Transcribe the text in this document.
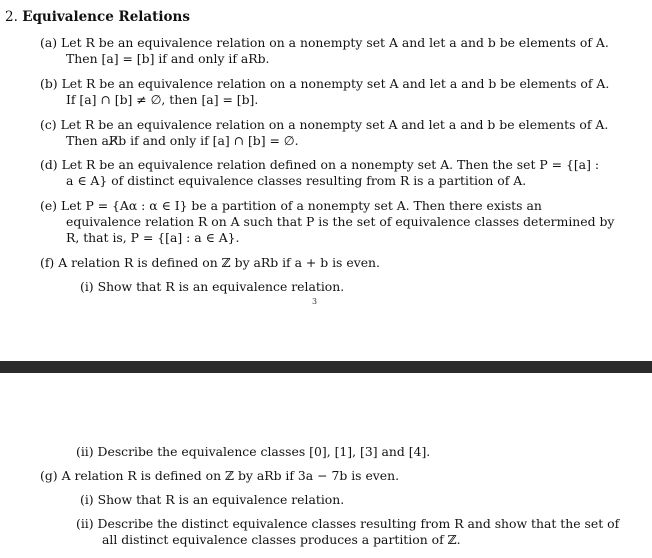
2. Equivalence Relations
(a) Let R be an equivalence relation on a nonempty set A and let a and b be elements of A.
Then [a] = [b] if and only if aRb.
(b) Let R be an equivalence relation on a nonempty set A and let a and b be elements of A.
If [a] ∩ [b] ≠ ∅, then [a] = [b].
(c) Let R be an equivalence relation on a nonempty set A and let a and b be elements of A.
Then aR̸b if and only if [a] ∩ [b] = ∅.
(d) Let R be an equivalence relation defined on a nonempty set A. Then the set P = {[a] :
a ∈ A} of distinct equivalence classes resulting from R is a partition of A.
(e) Let P = {Aα : α ∈ I} be a partition of a nonempty set A. Then there exists an
equivalence relation R on A such that P is the set of equivalence classes determined by
R, that is, P = {[a] : a ∈ A}.
(f) A relation R is defined on ℤ by aRb if a + b is even.
(i) Show that R is an equivalence relation.
3
(ii) Describe the equivalence classes [0], [1], [3] and [4].
(g) A relation R is defined on ℤ by aRb if 3a − 7b is even.
(i) Show that R is an equivalence relation.
(ii) Describe the distinct equivalence classes resulting from R and show that the set of
all distinct equivalence classes produces a partition of ℤ.
